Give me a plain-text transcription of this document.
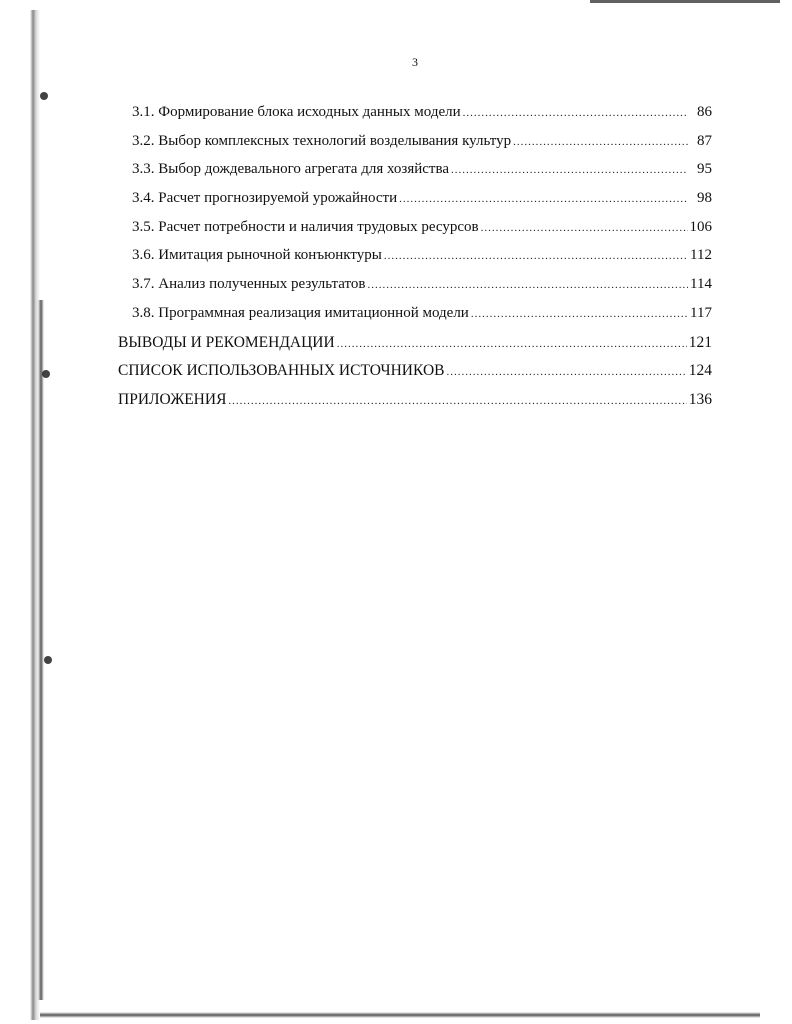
3
3.1. Формирование блока исходных данных модели .....	86
3.2. Выбор комплексных технологий возделывания культур .....	87
3.3. Выбор дождевального агрегата для хозяйства .....	95
3.4. Расчет прогнозируемой урожайности .....	98
3.5. Расчет потребности и наличия трудовых ресурсов .....	106
3.6. Имитация рыночной конъюнктуры .....	112
3.7. Анализ полученных результатов .....	114
3.8. Программная реализация имитационной модели .....	117
ВЫВОДЫ И РЕКОМЕНДАЦИИ .....	121
СПИСОК ИСПОЛЬЗОВАННЫХ ИСТОЧНИКОВ .....	124
ПРИЛОЖЕНИЯ .....	136
